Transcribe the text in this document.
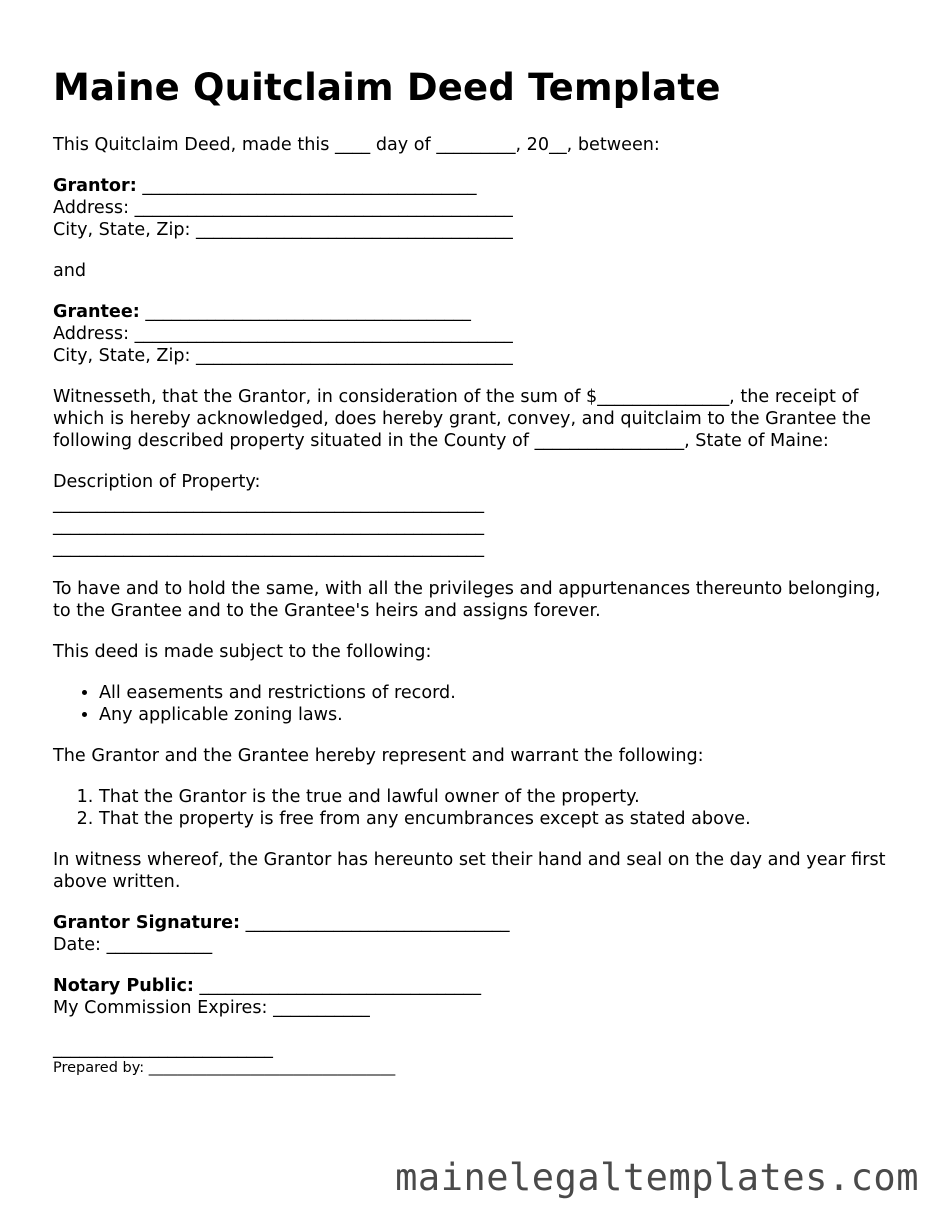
Maine Quitclaim Deed Template

This Quitclaim Deed, made this ____ day of _________, 20__, between:

Grantor: ______________________________________
Address: ___________________________________________
City, State, Zip: ____________________________________

and

Grantee: _____________________________________
Address: ___________________________________________
City, State, Zip: ____________________________________

Witnesseth, that the Grantor, in consideration of the sum of $_______________, the receipt of which is hereby acknowledged, does hereby grant, convey, and quitclaim to the Grantee the following described property situated in the County of _________________, State of Maine:

Description of Property:
_________________________________________________
_________________________________________________
_________________________________________________

To have and to hold the same, with all the privileges and appurtenances thereunto belonging, to the Grantee and to the Grantee's heirs and assigns forever.

This deed is made subject to the following:

• All easements and restrictions of record.
• Any applicable zoning laws.

The Grantor and the Grantee hereby represent and warrant the following:

1. That the Grantor is the true and lawful owner of the property.
2. That the property is free from any encumbrances except as stated above.

In witness whereof, the Grantor has hereunto set their hand and seal on the day and year first above written.

Grantor Signature: ______________________________
Date: ____________
Notary Public: ________________________________
My Commission Expires: ___________
_________________________
Prepared by: __________________________________
mainelegaltemplates.com
